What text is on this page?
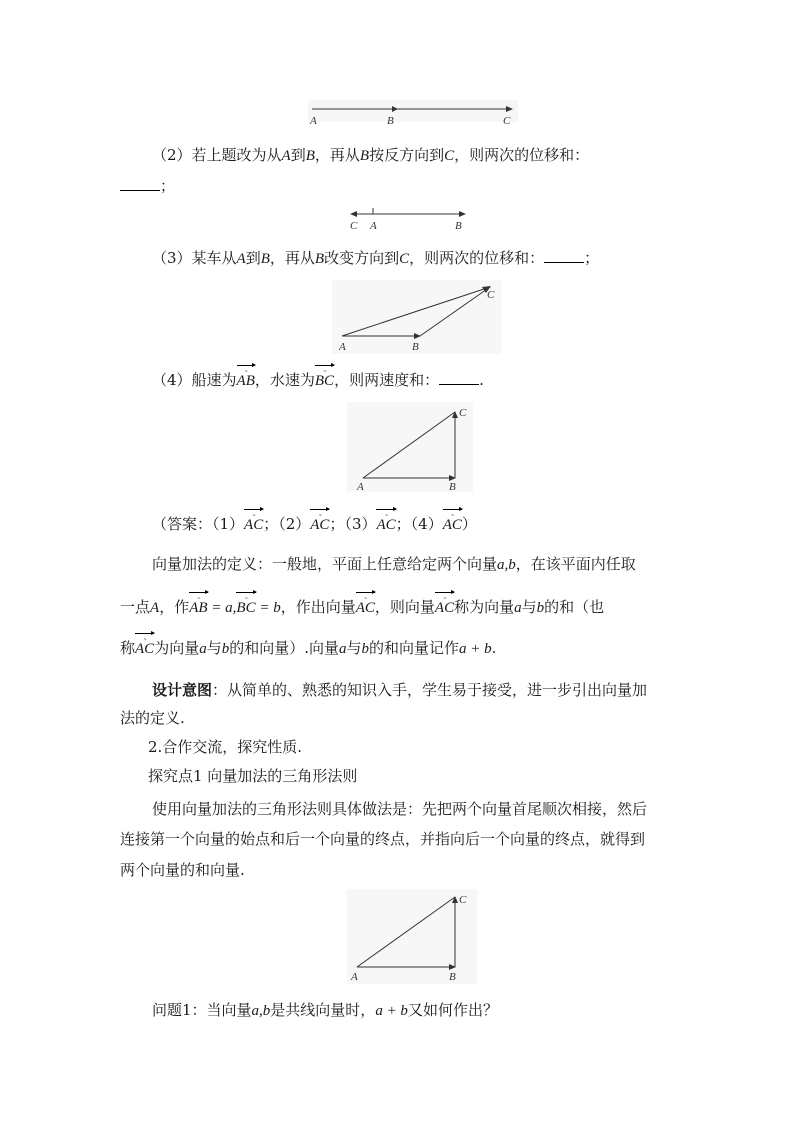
A	B	C
（2）若上题改为从A到B，再从B按反方向到C，则两次的位移和：
；
C A	B
（3）某车从A到B，再从B改变方向到C，则两次的位移和：	；
A	B
C
（4）船速为
̴ AB，水速为
̴ BC，则两速度和：	.
A	B
C
（答案：（1）
̴ AC；（2）
̴ AC；（3）
̴ AC；（4）
̴ AC）
向量加法的定义：一般地，平面上任意给定两个向量a,b，在该平面内任取
一点A，作
̴ AB = a,
̴ BC = b，作出向量
̴ AC，则向量
̴ AC称为向量a与b的和（也
称
̴ AC为向量a与b的和向量）.向量a与b的和向量记作a + b.
设计意图：从简单的、熟悉的知识入手，学生易于接受，进一步引出向量加
法的定义.
2.合作交流，探究性质.
探究点1 向量加法的三角形法则
使用向量加法的三角形法则具体做法是：先把两个向量首尾顺次相接，然后
连接第一个向量的始点和后一个向量的终点，并指向后一个向量的终点，就得到
两个向量的和向量.
A	B
C
问题1：当向量a,b是共线向量时，a + b又如何作出？
